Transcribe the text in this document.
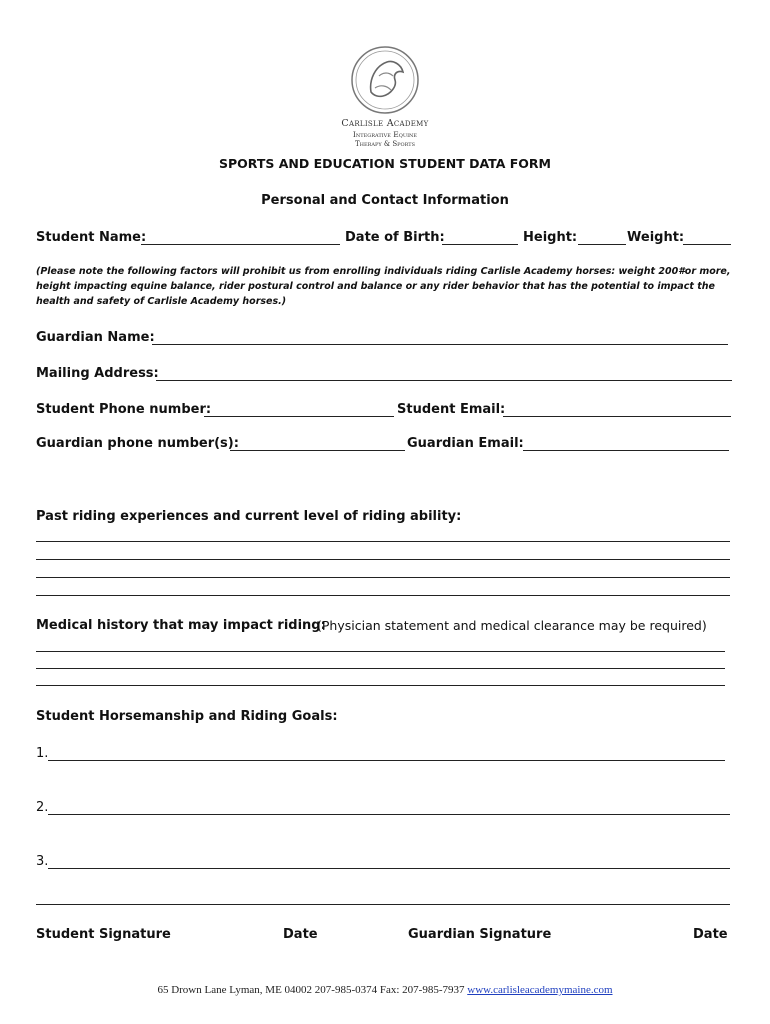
Carlisle Academy
Integrative Equine
Therapy & Sports
SPORTS AND EDUCATION STUDENT DATA FORM
Personal and Contact Information
Student Name:	Date of Birth:	Height:	Weight:
(Please note the following factors will prohibit us from enrolling individuals riding Carlisle Academy horses: weight 200#or more, height impacting equine balance, rider postural control and balance or any rider behavior that has the potential to impact the health and safety of Carlisle Academy horses.)
Guardian Name:
Mailing Address:
Student Phone number:	Student Email:
Guardian phone number(s):	Guardian Email:
Past riding experiences and current level of riding ability:
Medical history that may impact riding:
(Physician statement and medical clearance may be required)
Student Horsemanship and Riding Goals:
1.
2.
3.
Student Signature	Date	Guardian Signature	Date
65 Drown Lane Lyman, ME 04002 207-985-0374 Fax: 207-985-7937 www.carlisleacademymaine.com
